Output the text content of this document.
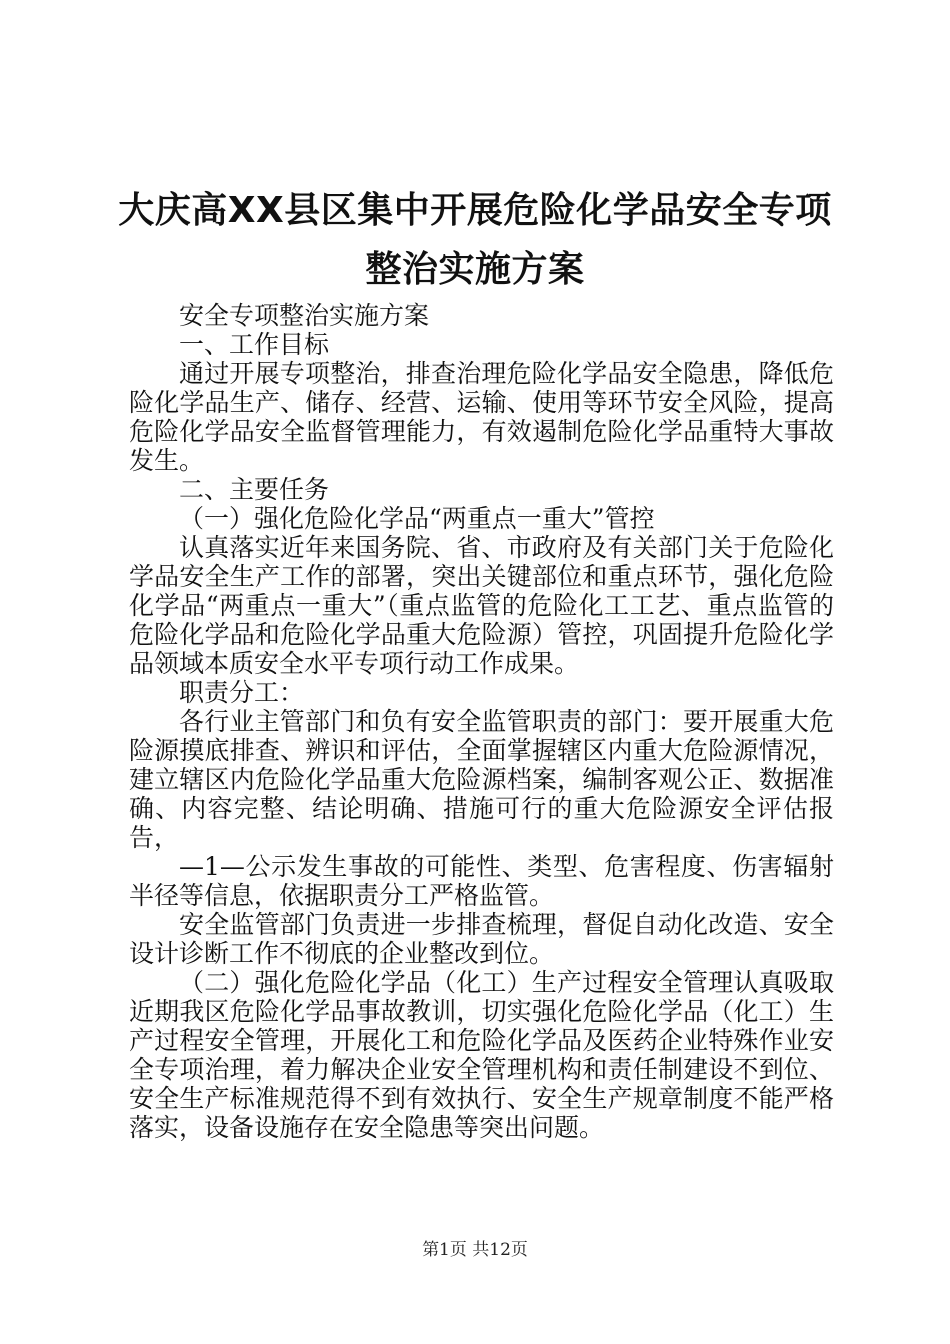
大庆高XX县区集中开展危险化学品安全专项
整治实施方案

安全专项整治实施方案

一、工作目标

通过开展专项整治，排查治理危险化学品安全隐患，降低危险化学品生产、储存、经营、运输、使用等环节安全风险，提高危险化学品安全监督管理能力，有效遏制危险化学品重特大事故发生。

二、主要任务

（一）强化危险化学品“两重点一重大”管控

认真落实近年来国务院、省、市政府及有关部门关于危险化学品安全生产工作的部署，突出关键部位和重点环节，强化危险化学品“两重点一重大”（重点监管的危险化工工艺、重点监管的危险化学品和危险化学品重大危险源）管控，巩固提升危险化学品领域本质安全水平专项行动工作成果。

职责分工：

各行业主管部门和负有安全监管职责的部门：要开展重大危险源摸底排查、辨识和评估，全面掌握辖区内重大危险源情况，建立辖区内危险化学品重大危险源档案，编制客观公正、数据准确、内容完整、结论明确、措施可行的重大危险源安全评估报告，

—1—公示发生事故的可能性、类型、危害程度、伤害辐射半径等信息，依据职责分工严格监管。

安全监管部门负责进一步排查梳理，督促自动化改造、安全设计诊断工作不彻底的企业整改到位。

（二）强化危险化学品（化工）生产过程安全管理认真吸取近期我区危险化学品事故教训，切实强化危险化学品（化工）生产过程安全管理，开展化工和危险化学品及医药企业特殊作业安全专项治理，着力解决企业安全管理机构和责任制建设不到位、安全生产标准规范得不到有效执行、安全生产规章制度不能严格落实，设备设施存在安全隐患等突出问题。

第1页 共12页
